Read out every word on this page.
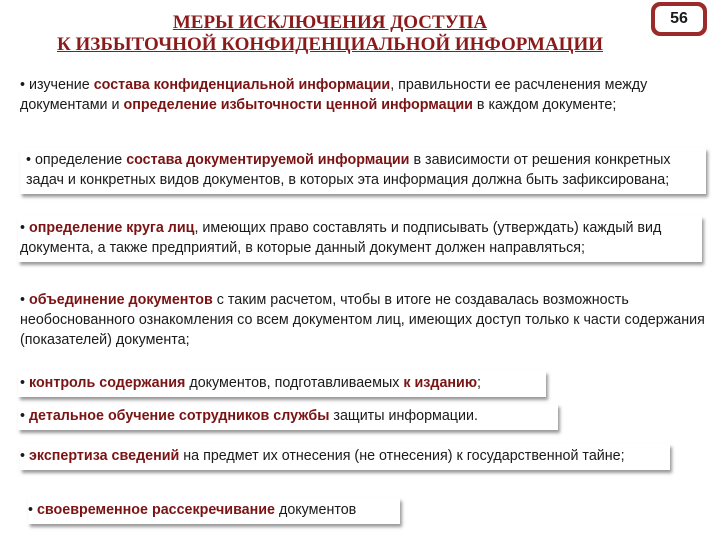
МЕРЫ ИСКЛЮЧЕНИЯ ДОСТУПА
К ИЗБЫТОЧНОЙ КОНФИДЕНЦИАЛЬНОЙ ИНФОРМАЦИИ
56
• изучение состава конфиденциальной информации, правильности ее расчленения между документами и определение избыточности ценной информации в каждом документе;
• определение состава документируемой информации в зависимости от решения конкретных задач и конкретных видов документов, в которых эта информация должна быть зафиксирована;
• определение круга лиц, имеющих право составлять и подписывать (утверждать) каждый вид документа, а также предприятий, в которые данный документ должен направляться;
• объединение документов с таким расчетом, чтобы в итоге не создавалась возможность необоснованного ознакомления со всем документом лиц, имеющих доступ только к части содержания (показателей) документа;
• контроль содержания документов, подготавливаемых к изданию;
• детальное обучение сотрудников службы защиты информации.
• экспертиза сведений на предмет их отнесения (не отнесения) к государственной тайне;
• своевременное рассекречивание документов
